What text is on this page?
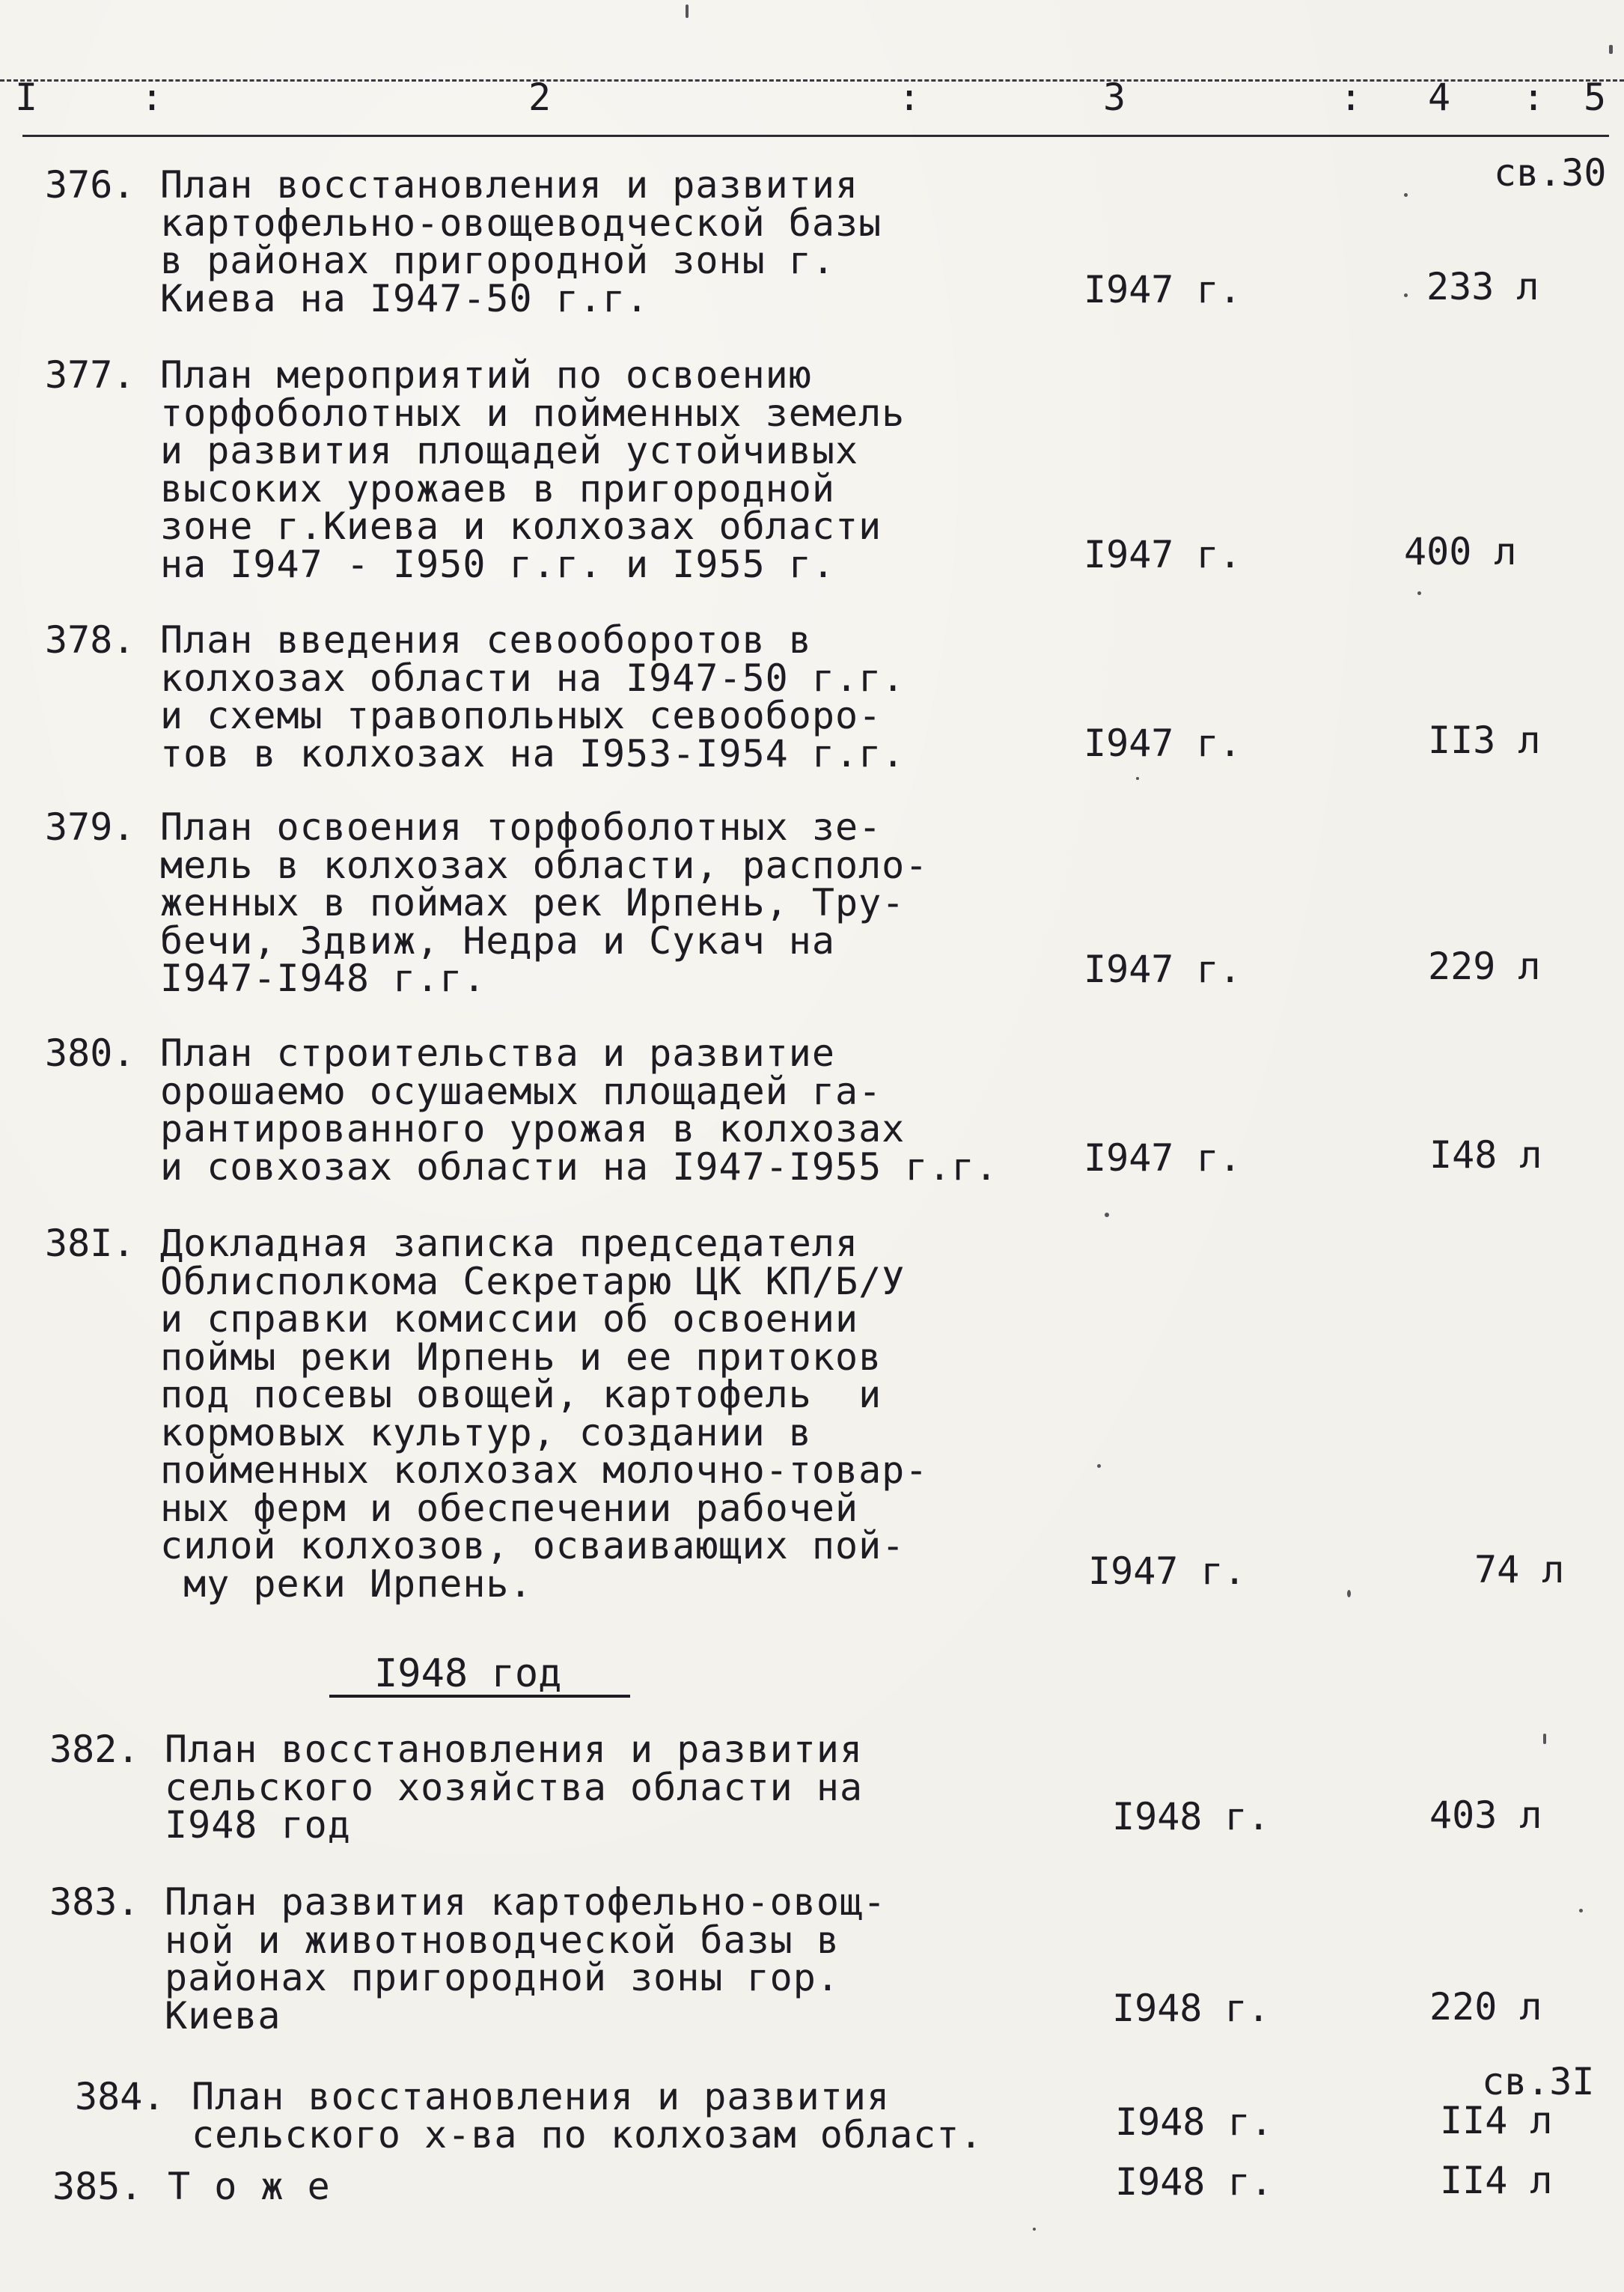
I	:	2	:	3	: 4 : 5
св.30
376. План восстановления и развития
картофельно-овощеводческой базы
в районах пригородной зоны г.
Киева на I947-50 г.г.	I947 г.	233 л
377. План мероприятий по освоению
торфоболотных и пойменных земель
и развития площадей устойчивых
высоких урожаев в пригородной
зоне г.Киева и колхозах области
на I947 - I950 г.г. и I955 г.	I947 г.	400 л
378. План введения севооборотов в
колхозах области на I947-50 г.г.
и схемы травопольных севооборо-
тов в колхозах на I953-I954 г.г.	I947 г.	II3 л
379. План освоения торфоболотных зе-
мель в колхозах области, располо-
женных в поймах рек Ирпень, Тру-
бечи, Здвиж, Недра и Сукач на
I947-I948 г.г.	I947 г.	229 л
380. План строительства и развитие
орошаемо осушаемых площадей га-
рантированного урожая в колхозах
и совхозах области на I947-I955 г.г. I947 г.	I48 л
38I. Докладная записка председателя
Облисполкома Секретарю ЦК КП/Б/У
и справки комиссии об освоении
поймы реки Ирпень и ее притоков
под посевы овощей, картофель  и
кормовых культур, создании в
пойменных колхозах молочно-товар-
ных ферм и обеспечении рабочей
силой колхозов, осваивающих пой-
му реки Ирпень.	I947 г.	74 л
I948 год
382. План восстановления и развития
сельского хозяйства области на
I948 год	I948 г.	403 л
383. План развития картофельно-овощ-
ной и животноводческой базы в
районах пригородной зоны гор.
Киева	I948 г.	220 л
св.3I
384. План восстановления и развития
сельского х-ва по колхозам област.	I948 г.	II4 л
385. Т о ж е	I948 г.	II4 л
